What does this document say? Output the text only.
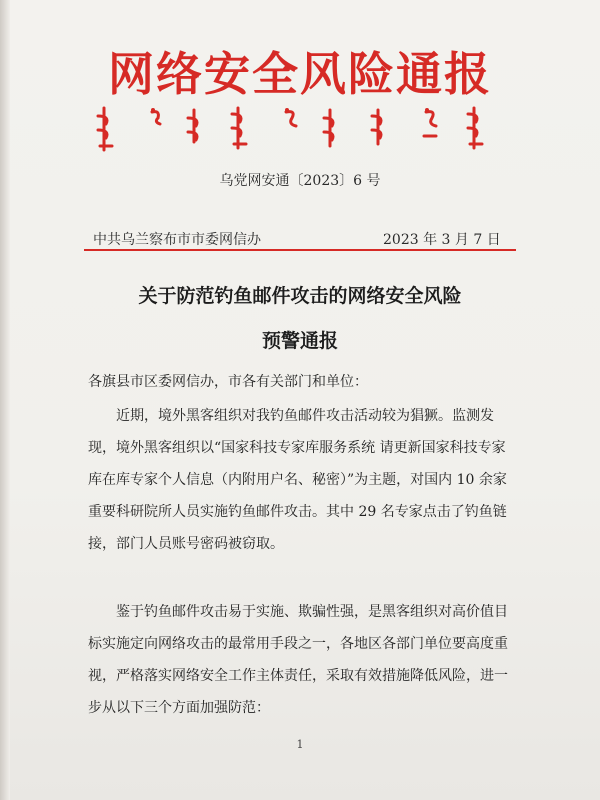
网络安全风险通报
乌党网安通〔2023〕6 号
中共乌兰察布市市委网信办	2023 年 3 月 7 日
关于防范钓鱼邮件攻击的网络安全风险
预警通报
各旗县市区委网信办，市各有关部门和单位：
近期，境外黑客组织对我钓鱼邮件攻击活动较为猖獗。监测发现，境外黑客组织以“国家科技专家库服务系统 请更新国家科技专家库在库专家个人信息（内附用户名、秘密）”为主题，对国内 10 余家重要科研院所人员实施钓鱼邮件攻击。其中 29 名专家点击了钓鱼链接，部门人员账号密码被窃取。
鉴于钓鱼邮件攻击易于实施、欺骗性强，是黑客组织对高价值目标实施定向网络攻击的最常用手段之一，各地区各部门单位要高度重视，严格落实网络安全工作主体责任，采取有效措施降低风险，进一步从以下三个方面加强防范：
1
